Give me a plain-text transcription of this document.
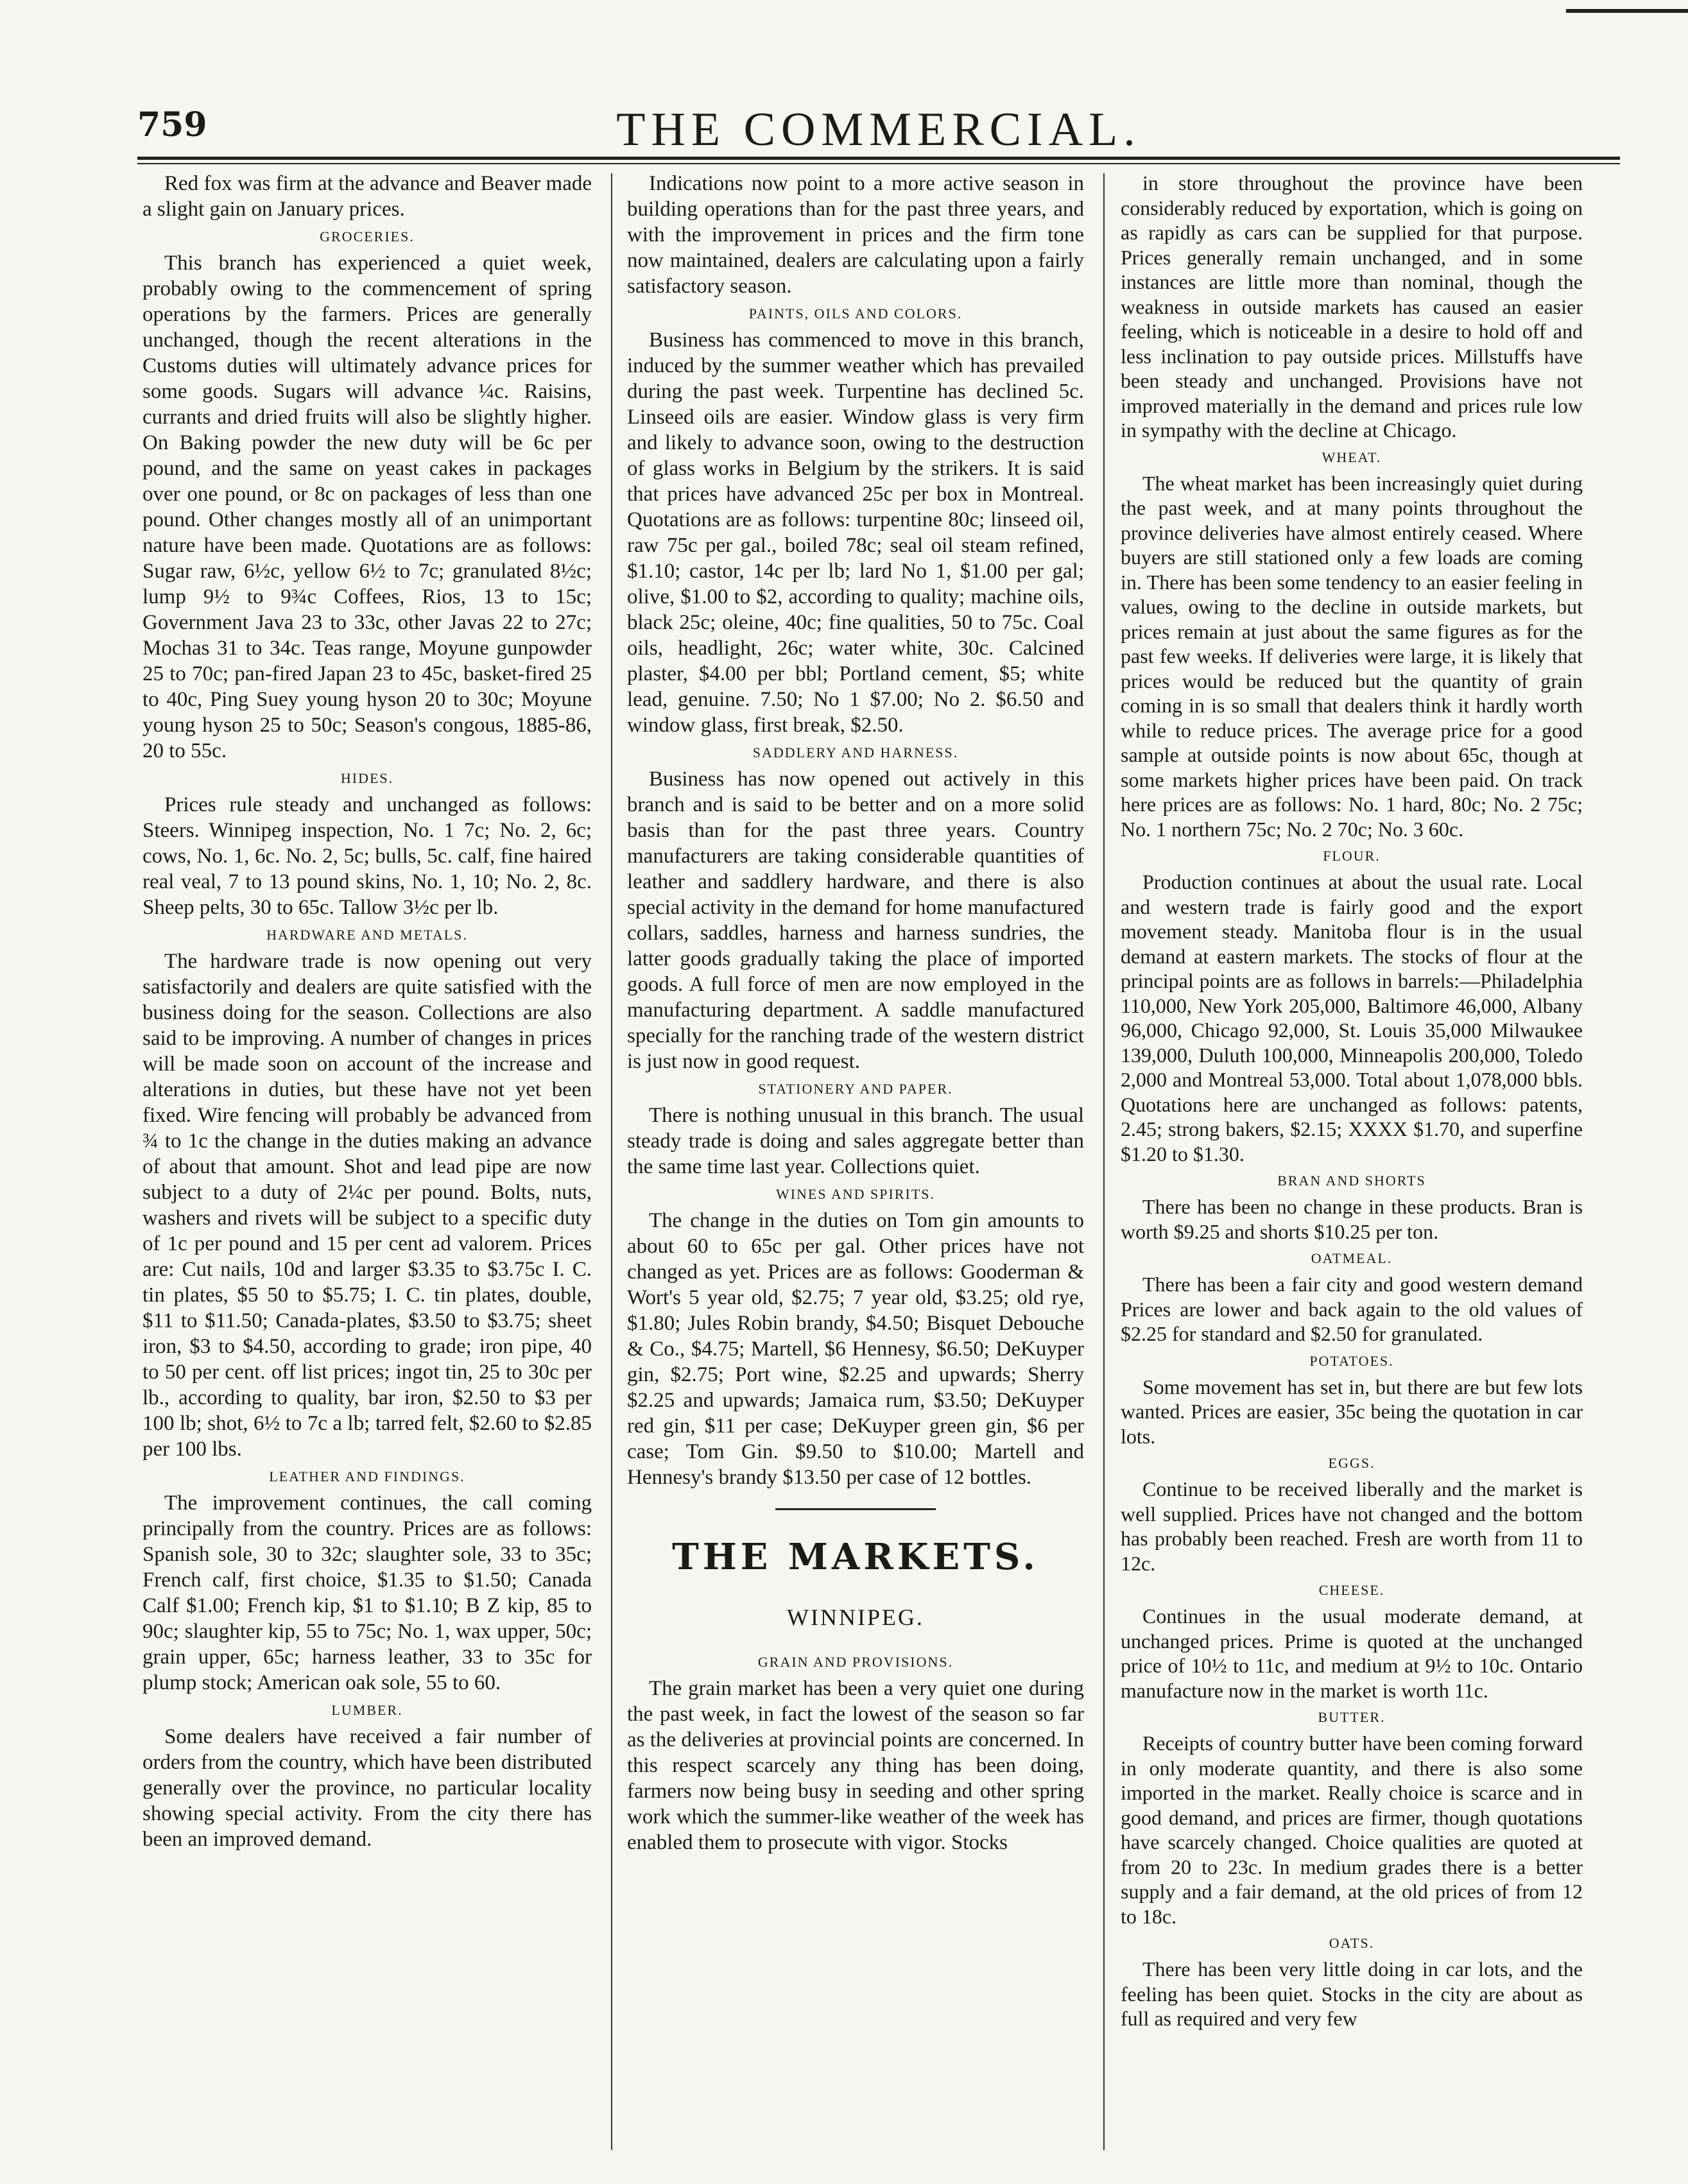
759	THE COMMERCIAL.

Red fox was firm at the advance and Beaver made a slight gain on January prices.

GROCERIES.

This branch has experienced a quiet week, probably owing to the commencement of spring operations by the farmers. Prices are generally unchanged, though the recent alterations in the Customs duties will ultimately advance prices for some goods. Sugars will advance ¼c. Raisins, currants and dried fruits will also be slightly higher. On Baking powder the new duty will be 6c per pound, and the same on yeast cakes in packages over one pound, or 8c on packages of less than one pound. Other changes mostly all of an unimportant nature have been made. Quotations are as follows: Sugar raw, 6½c, yellow 6½ to 7c; granulated 8½c; lump 9½ to 9¾c Coffees, Rios, 13 to 15c; Government Java 23 to 33c, other Javas 22 to 27c; Mochas 31 to 34c. Teas range, Moyune gunpowder 25 to 70c; pan-fired Japan 23 to 45c, basket-fired 25 to 40c, Ping Suey young hyson 20 to 30c; Moyune young hyson 25 to 50c; Season's congous, 1885-86, 20 to 55c.

HIDES.

Prices rule steady and unchanged as follows: Steers. Winnipeg inspection, No. 1 7c; No. 2, 6c; cows, No. 1, 6c. No. 2, 5c; bulls, 5c. calf, fine haired real veal, 7 to 13 pound skins, No. 1, 10; No. 2, 8c. Sheep pelts, 30 to 65c. Tallow 3½c per lb.

HARDWARE AND METALS.

The hardware trade is now opening out very satisfactorily and dealers are quite satisfied with the business doing for the season. Collections are also said to be improving. A number of changes in prices will be made soon on account of the increase and alterations in duties, but these have not yet been fixed. Wire fencing will probably be advanced from ¾ to 1c the change in the duties making an advance of about that amount. Shot and lead pipe are now subject to a duty of 2¼c per pound. Bolts, nuts, washers and rivets will be subject to a specific duty of 1c per pound and 15 per cent ad valorem. Prices are: Cut nails, 10d and larger $3.35 to $3.75c I. C. tin plates, $5 50 to $5.75; I. C. tin plates, double, $11 to $11.50; Canada-plates, $3.50 to $3.75; sheet iron, $3 to $4.50, according to grade; iron pipe, 40 to 50 per cent. off list prices; ingot tin, 25 to 30c per lb., according to quality, bar iron, $2.50 to $3 per 100 lb; shot, 6½ to 7c a lb; tarred felt, $2.60 to $2.85 per 100 lbs.

LEATHER AND FINDINGS.

The improvement continues, the call coming principally from the country. Prices are as follows: Spanish sole, 30 to 32c; slaughter sole, 33 to 35c; French calf, first choice, $1.35 to $1.50; Canada Calf $1.00; French kip, $1 to $1.10; B Z kip, 85 to 90c; slaughter kip, 55 to 75c; No. 1, wax upper, 50c; grain upper, 65c; harness leather, 33 to 35c for plump stock; American oak sole, 55 to 60.

LUMBER.

Some dealers have received a fair number of orders from the country, which have been distributed generally over the province, no particular locality showing special activity. From the city there has been an improved demand.

Indications now point to a more active season in building operations than for the past three years, and with the improvement in prices and the firm tone now maintained, dealers are calculating upon a fairly satisfactory season.

PAINTS, OILS AND COLORS.

Business has commenced to move in this branch, induced by the summer weather which has prevailed during the past week. Turpentine has declined 5c. Linseed oils are easier. Window glass is very firm and likely to advance soon, owing to the destruction of glass works in Belgium by the strikers. It is said that prices have advanced 25c per box in Montreal. Quotations are as follows: turpentine 80c; linseed oil, raw 75c per gal., boiled 78c; seal oil steam refined, $1.10; castor, 14c per lb; lard No 1, $1.00 per gal; olive, $1.00 to $2, according to quality; machine oils, black 25c; oleine, 40c; fine qualities, 50 to 75c. Coal oils, headlight, 26c; water white, 30c. Calcined plaster, $4.00 per bbl; Portland cement, $5; white lead, genuine. 7.50; No 1 $7.00; No 2. $6.50 and window glass, first break, $2.50.

SADDLERY AND HARNESS.

Business has now opened out actively in this branch and is said to be better and on a more solid basis than for the past three years. Country manufacturers are taking considerable quantities of leather and saddlery hardware, and there is also special activity in the demand for home manufactured collars, saddles, harness and harness sundries, the latter goods gradually taking the place of imported goods. A full force of men are now employed in the manufacturing department. A saddle manufactured specially for the ranching trade of the western district is just now in good request.

STATIONERY AND PAPER.

There is nothing unusual in this branch. The usual steady trade is doing and sales aggregate better than the same time last year. Collections quiet.

WINES AND SPIRITS.

The change in the duties on Tom gin amounts to about 60 to 65c per gal. Other prices have not changed as yet. Prices are as follows: Gooderman & Wort's 5 year old, $2.75; 7 year old, $3.25; old rye, $1.80; Jules Robin brandy, $4.50; Bisquet Debouche & Co., $4.75; Martell, $6 Hennesy, $6.50; DeKuyper gin, $2.75; Port wine, $2.25 and upwards; Sherry $2.25 and upwards; Jamaica rum, $3.50; DeKuyper red gin, $11 per case; DeKuyper green gin, $6 per case; Tom Gin. $9.50 to $10.00; Martell and Hennesy's brandy $13.50 per case of 12 bottles.

THE MARKETS.
WINNIPEG.
GRAIN AND PROVISIONS.

The grain market has been a very quiet one during the past week, in fact the lowest of the season so far as the deliveries at provincial points are concerned. In this respect scarcely any thing has been doing, farmers now being busy in seeding and other spring work which the summer-like weather of the week has enabled them to prosecute with vigor. Stocks

in store throughout the province have been considerably reduced by exportation, which is going on as rapidly as cars can be supplied for that purpose. Prices generally remain unchanged, and in some instances are little more than nominal, though the weakness in outside markets has caused an easier feeling, which is noticeable in a desire to hold off and less inclination to pay outside prices. Millstuffs have been steady and unchanged. Provisions have not improved materially in the demand and prices rule low in sympathy with the decline at Chicago.

WHEAT.

The wheat market has been increasingly quiet during the past week, and at many points throughout the province deliveries have almost entirely ceased. Where buyers are still stationed only a few loads are coming in. There has been some tendency to an easier feeling in values, owing to the decline in outside markets, but prices remain at just about the same figures as for the past few weeks. If deliveries were large, it is likely that prices would be reduced but the quantity of grain coming in is so small that dealers think it hardly worth while to reduce prices. The average price for a good sample at outside points is now about 65c, though at some markets higher prices have been paid. On track here prices are as follows: No. 1 hard, 80c; No. 2 75c; No. 1 northern 75c; No. 2 70c; No. 3 60c.

FLOUR.

Production continues at about the usual rate. Local and western trade is fairly good and the export movement steady. Manitoba flour is in the usual demand at eastern markets. The stocks of flour at the principal points are as follows in barrels:—Philadelphia 110,000, New York 205,000, Baltimore 46,000, Albany 96,000, Chicago 92,000, St. Louis 35,000 Milwaukee 139,000, Duluth 100,000, Minneapolis 200,000, Toledo 2,000 and Montreal 53,000. Total about 1,078,000 bbls. Quotations here are unchanged as follows: patents, 2.45; strong bakers, $2.15; XXXX $1.70, and superfine $1.20 to $1.30.

BRAN AND SHORTS

There has been no change in these products. Bran is worth $9.25 and shorts $10.25 per ton.

OATMEAL.

There has been a fair city and good western demand Prices are lower and back again to the old values of $2.25 for standard and $2.50 for granulated.

POTATOES.

Some movement has set in, but there are but few lots wanted. Prices are easier, 35c being the quotation in car lots.

EGGS.

Continue to be received liberally and the market is well supplied. Prices have not changed and the bottom has probably been reached. Fresh are worth from 11 to 12c.

CHEESE.

Continues in the usual moderate demand, at unchanged prices. Prime is quoted at the unchanged price of 10½ to 11c, and medium at 9½ to 10c. Ontario manufacture now in the market is worth 11c.

BUTTER.

Receipts of country butter have been coming forward in only moderate quantity, and there is also some imported in the market. Really choice is scarce and in good demand, and prices are firmer, though quotations have scarcely changed. Choice qualities are quoted at from 20 to 23c. In medium grades there is a better supply and a fair demand, at the old prices of from 12 to 18c.

OATS.

There has been very little doing in car lots, and the feeling has been quiet. Stocks in the city are about as full as required and very few
